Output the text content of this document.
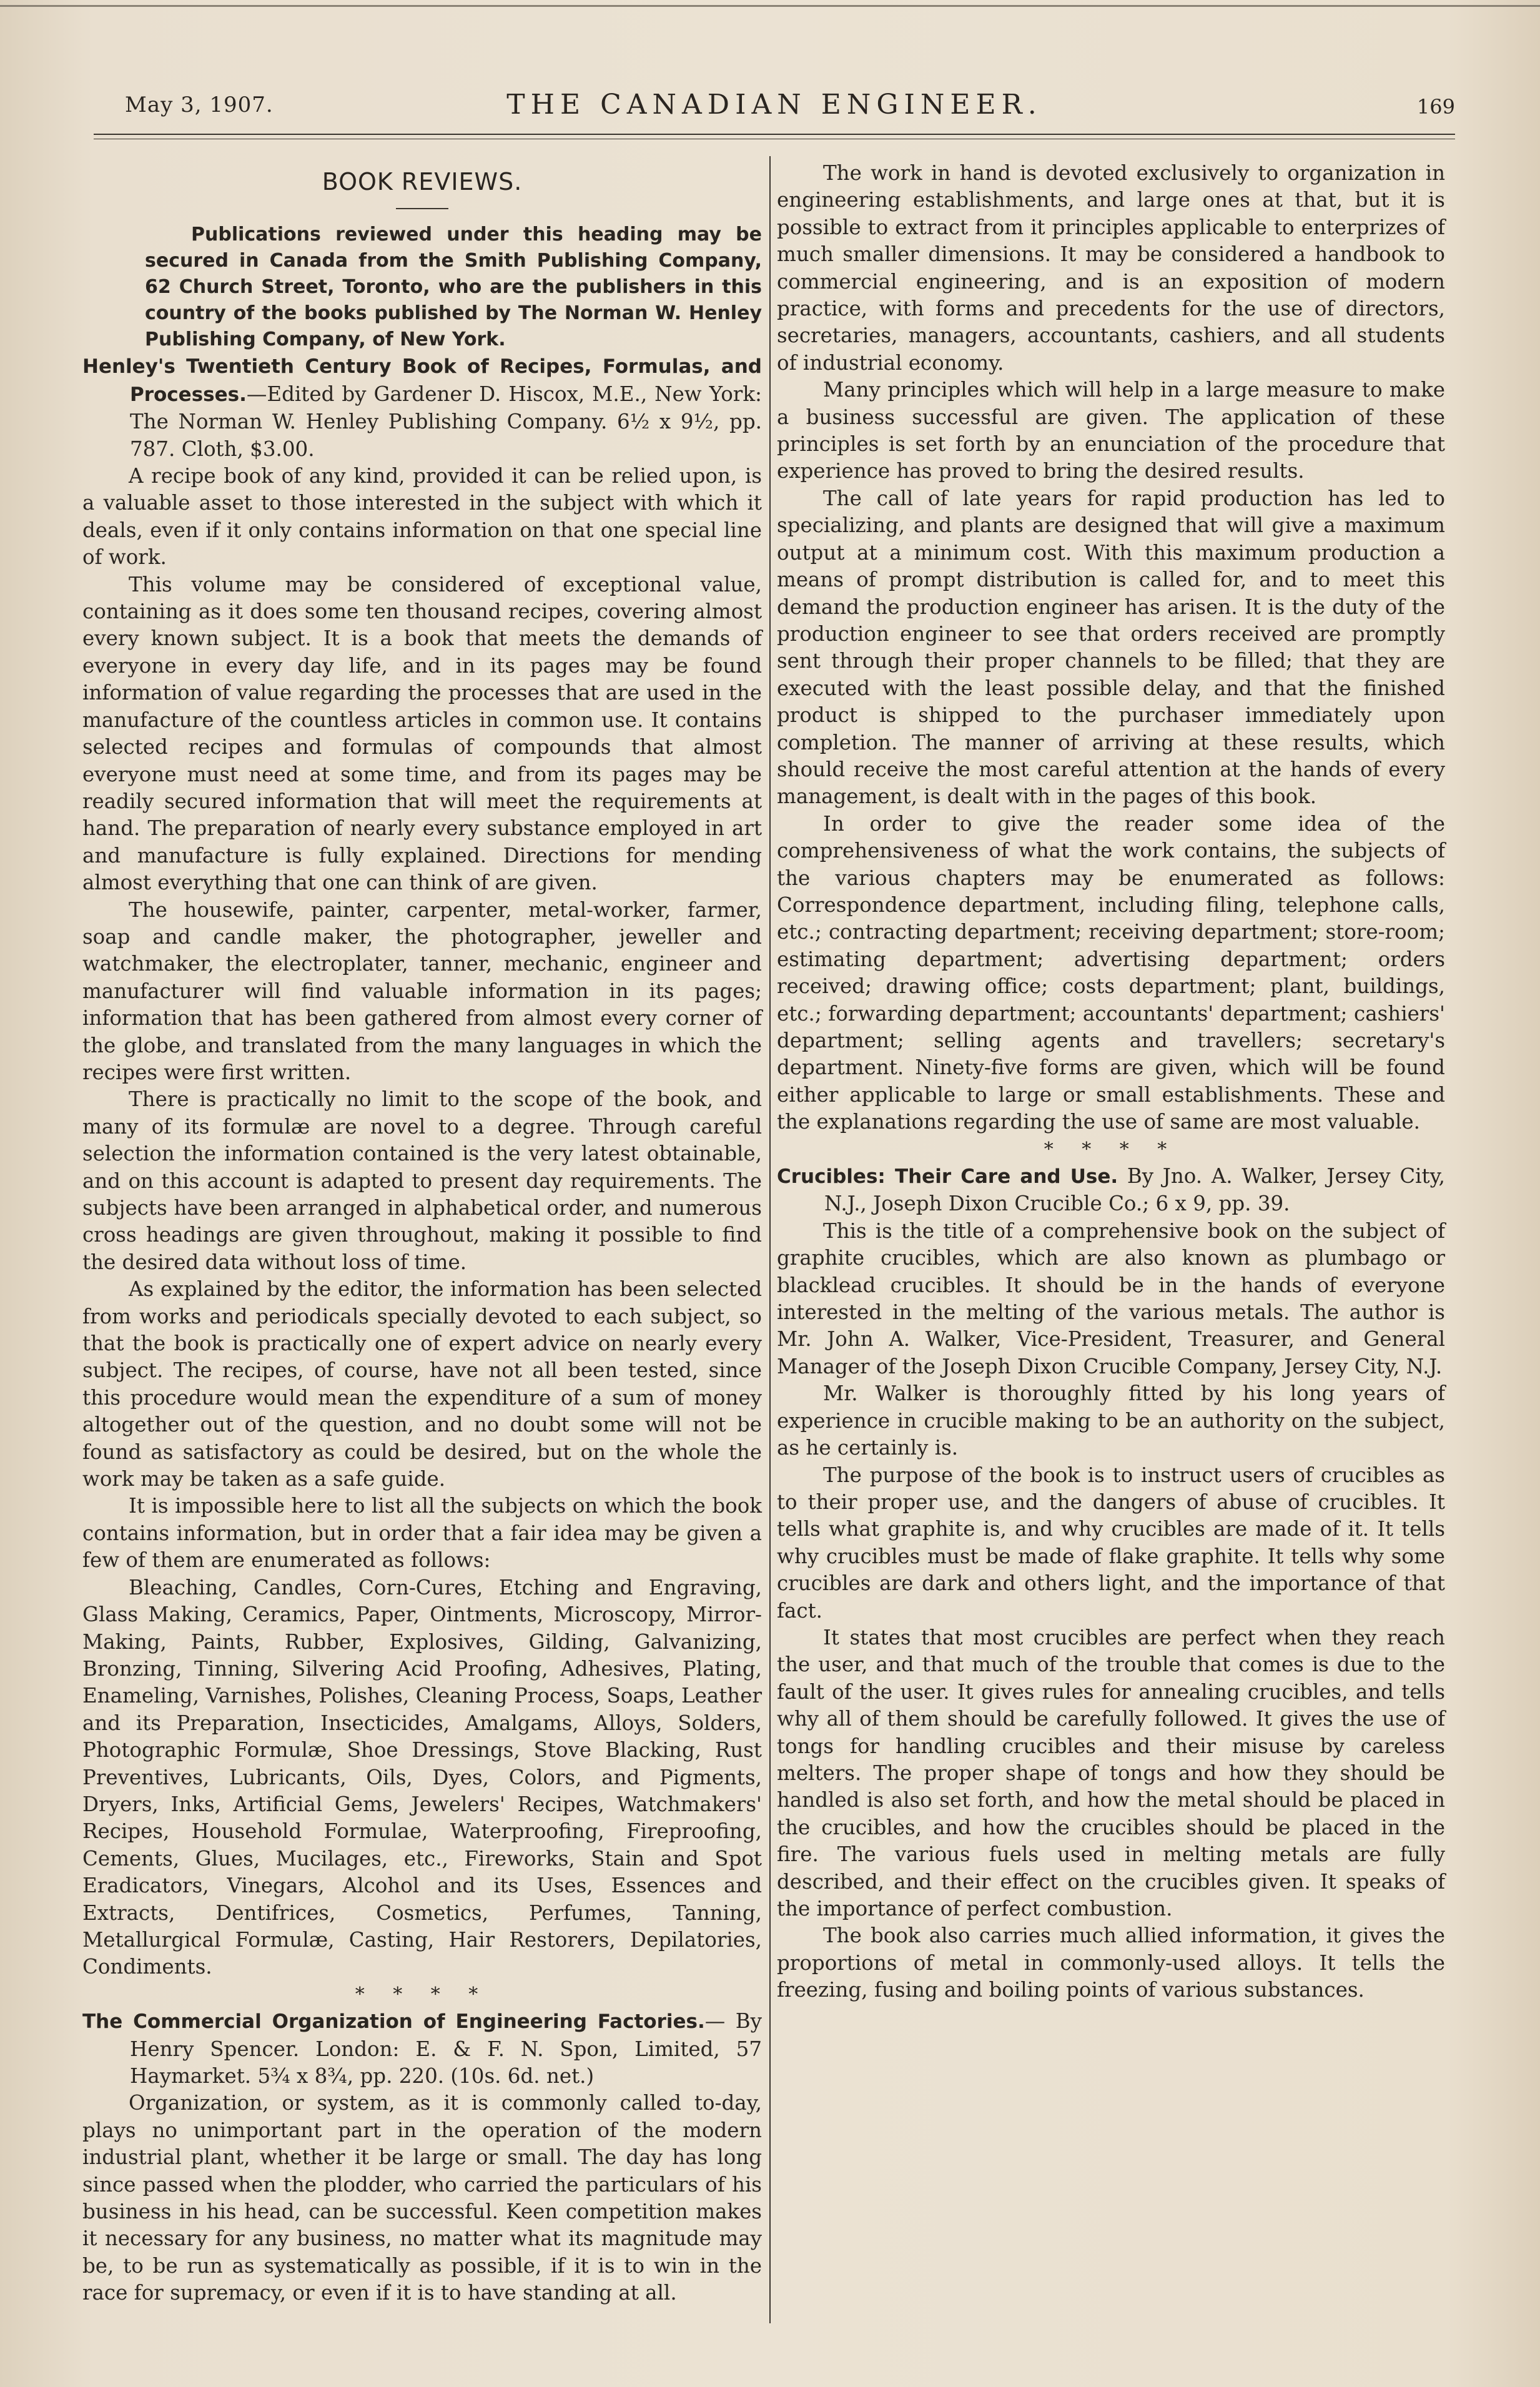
May 3, 1907.	THE CANADIAN ENGINEER.	169
BOOK REVIEWS.

Publications reviewed under this heading may be secured in Canada from the Smith Publishing Company, 62 Church Street, Toronto, who are the publishers in this country of the books published by The Norman W. Henley Publishing Company, of New York.

Henley's Twentieth Century Book of Recipes, Formulas, and Processes.—Edited by Gardener D. Hiscox, M.E., New York: The Norman W. Henley Publishing Company. 6½ x 9½, pp. 787. Cloth, $3.00.

A recipe book of any kind, provided it can be relied upon, is a valuable asset to those interested in the subject with which it deals, even if it only contains information on that one special line of work.

This volume may be considered of exceptional value, containing as it does some ten thousand recipes, covering almost every known subject. It is a book that meets the demands of everyone in every day life, and in its pages may be found information of value regarding the processes that are used in the manufacture of the countless articles in common use. It contains selected recipes and formulas of compounds that almost everyone must need at some time, and from its pages may be readily secured information that will meet the requirements at hand. The preparation of nearly every substance employed in art and manufacture is fully explained. Directions for mending almost everything that one can think of are given.

The housewife, painter, carpenter, metal-worker, farmer, soap and candle maker, the photographer, jeweller and watchmaker, the electroplater, tanner, mechanic, engineer and manufacturer will find valuable information in its pages; information that has been gathered from almost every corner of the globe, and translated from the many languages in which the recipes were first written.

There is practically no limit to the scope of the book, and many of its formulæ are novel to a degree. Through careful selection the information contained is the very latest obtainable, and on this account is adapted to present day requirements. The subjects have been arranged in alphabetical order, and numerous cross headings are given throughout, making it possible to find the desired data without loss of time.

As explained by the editor, the information has been selected from works and periodicals specially devoted to each subject, so that the book is practically one of expert advice on nearly every subject. The recipes, of course, have not all been tested, since this procedure would mean the expenditure of a sum of money altogether out of the question, and no doubt some will not be found as satisfactory as could be desired, but on the whole the work may be taken as a safe guide.

It is impossible here to list all the subjects on which the book contains information, but in order that a fair idea may be given a few of them are enumerated as follows:

Bleaching, Candles, Corn-Cures, Etching and Engraving, Glass Making, Ceramics, Paper, Ointments, Microscopy, Mirror-Making, Paints, Rubber, Explosives, Gilding, Galvanizing, Bronzing, Tinning, Silvering Acid Proofing, Adhesives, Plating, Enameling, Varnishes, Polishes, Cleaning Process, Soaps, Leather and its Preparation, Insecticides, Amalgams, Alloys, Solders, Photographic Formulæ, Shoe Dressings, Stove Blacking, Rust Preventives, Lubricants, Oils, Dyes, Colors, and Pigments, Dryers, Inks, Artificial Gems, Jewelers' Recipes, Watchmakers' Recipes, Household Formulae, Waterproofing, Fireproofing, Cements, Glues, Mucilages, etc., Fireworks, Stain and Spot Eradicators, Vinegars, Alcohol and its Uses, Essences and Extracts, Dentifrices, Cosmetics, Perfumes, Tanning, Metallurgical Formulæ, Casting, Hair Restorers, Depilatories, Condiments.

* * * *

The Commercial Organization of Engineering Factories.— By Henry Spencer. London: E. & F. N. Spon, Limited, 57 Haymarket. 5¾ x 8¾, pp. 220. (10s. 6d. net.)

Organization, or system, as it is commonly called to-day, plays no unimportant part in the operation of the modern industrial plant, whether it be large or small. The day has long since passed when the plodder, who carried the particulars of his business in his head, can be successful. Keen competition makes it necessary for any business, no matter what its magnitude may be, to be run as systematically as possible, if it is to win in the race for supremacy, or even if it is to have standing at all.

The work in hand is devoted exclusively to organization in engineering establishments, and large ones at that, but it is possible to extract from it principles applicable to enterprizes of much smaller dimensions. It may be considered a handbook to commercial engineering, and is an exposition of modern practice, with forms and precedents for the use of directors, secretaries, managers, accountants, cashiers, and all students of industrial economy.

Many principles which will help in a large measure to make a business successful are given. The application of these principles is set forth by an enunciation of the procedure that experience has proved to bring the desired results.

The call of late years for rapid production has led to specializing, and plants are designed that will give a maximum output at a minimum cost. With this maximum production a means of prompt distribution is called for, and to meet this demand the production engineer has arisen. It is the duty of the production engineer to see that orders received are promptly sent through their proper channels to be filled; that they are executed with the least possible delay, and that the finished product is shipped to the purchaser immediately upon completion. The manner of arriving at these results, which should receive the most careful attention at the hands of every management, is dealt with in the pages of this book.

In order to give the reader some idea of the comprehensiveness of what the work contains, the subjects of the various chapters may be enumerated as follows: Correspondence department, including filing, telephone calls, etc.; contracting department; receiving department; store-room; estimating department; advertising department; orders received; drawing office; costs department; plant, buildings, etc.; forwarding department; accountants' department; cashiers' department; selling agents and travellers; secretary's department. Ninety-five forms are given, which will be found either applicable to large or small establishments. These and the explanations regarding the use of same are most valuable.

* * * *

Crucibles: Their Care and Use. By Jno. A. Walker, Jersey City, N.J., Joseph Dixon Crucible Co.; 6 x 9, pp. 39.

This is the title of a comprehensive book on the subject of graphite crucibles, which are also known as plumbago or blacklead crucibles. It should be in the hands of everyone interested in the melting of the various metals. The author is Mr. John A. Walker, Vice-President, Treasurer, and General Manager of the Joseph Dixon Crucible Company, Jersey City, N.J.

Mr. Walker is thoroughly fitted by his long years of experience in crucible making to be an authority on the subject, as he certainly is.

The purpose of the book is to instruct users of crucibles as to their proper use, and the dangers of abuse of crucibles. It tells what graphite is, and why crucibles are made of it. It tells why crucibles must be made of flake graphite. It tells why some crucibles are dark and others light, and the importance of that fact.

It states that most crucibles are perfect when they reach the user, and that much of the trouble that comes is due to the fault of the user. It gives rules for annealing crucibles, and tells why all of them should be carefully followed. It gives the use of tongs for handling crucibles and their misuse by careless melters. The proper shape of tongs and how they should be handled is also set forth, and how the metal should be placed in the crucibles, and how the crucibles should be placed in the fire. The various fuels used in melting metals are fully described, and their effect on the crucibles given. It speaks of the importance of perfect combustion.

The book also carries much allied information, it gives the proportions of metal in commonly-used alloys. It tells the freezing, fusing and boiling points of various substances.
